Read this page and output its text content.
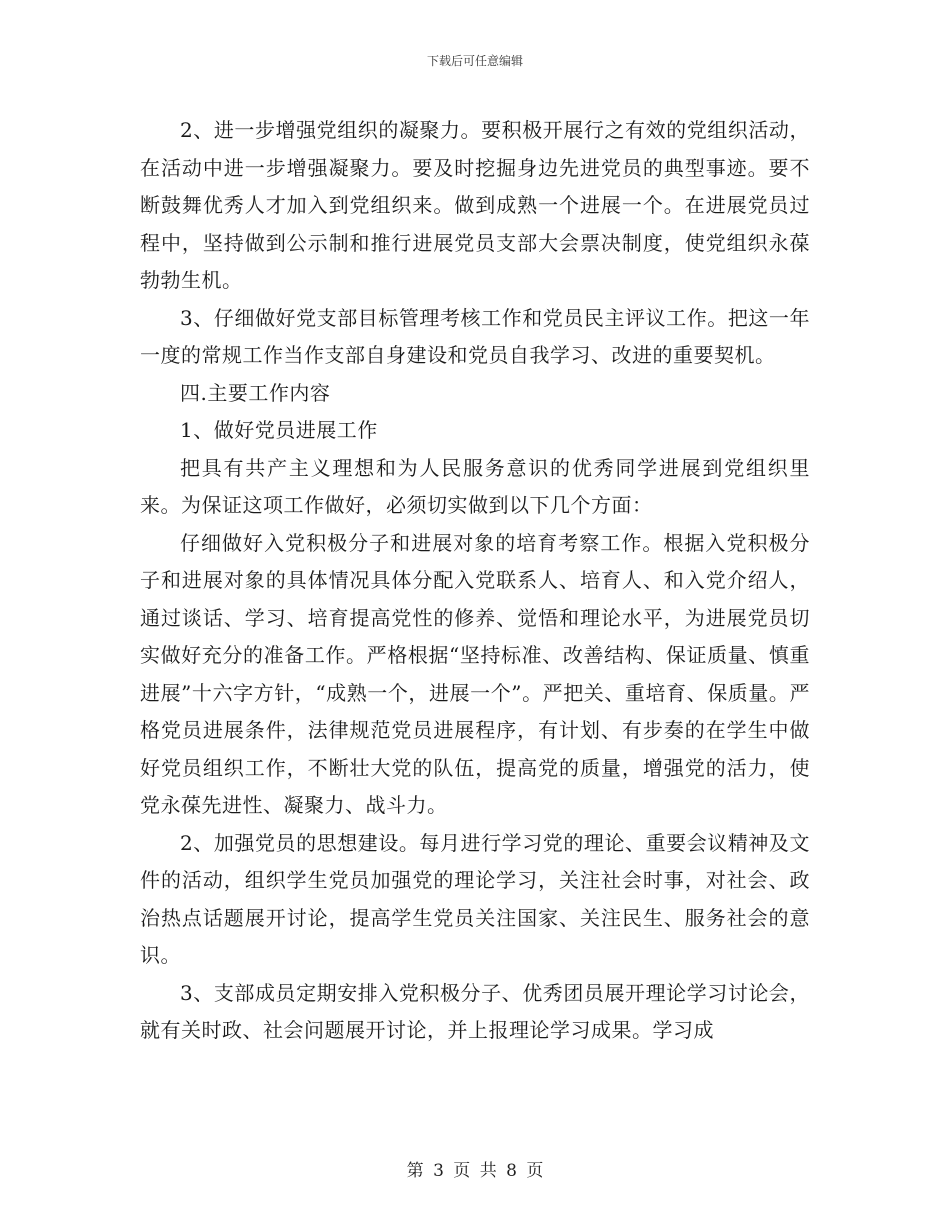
下载后可任意编辑

2、进一步增强党组织的凝聚力。要积极开展行之有效的党组织活动，在活动中进一步增强凝聚力。要及时挖掘身边先进党员的典型事迹。要不断鼓舞优秀人才加入到党组织来。做到成熟一个进展一个。在进展党员过程中，坚持做到公示制和推行进展党员支部大会票决制度，使党组织永葆勃勃生机。

3、仔细做好党支部目标管理考核工作和党员民主评议工作。把这一年一度的常规工作当作支部自身建设和党员自我学习、改进的重要契机。

四.主要工作内容

1、做好党员进展工作

把具有共产主义理想和为人民服务意识的优秀同学进展到党组织里来。为保证这项工作做好，必须切实做到以下几个方面：

仔细做好入党积极分子和进展对象的培育考察工作。根据入党积极分子和进展对象的具体情况具体分配入党联系人、培育人、和入党介绍人，通过谈话、学习、培育提高党性的修养、觉悟和理论水平，为进展党员切实做好充分的准备工作。严格根据“坚持标准、改善结构、保证质量、慎重进展”十六字方针，“成熟一个，进展一个”。严把关、重培育、保质量。严格党员进展条件，法律规范党员进展程序，有计划、有步奏的在学生中做好党员组织工作，不断壮大党的队伍，提高党的质量，增强党的活力，使党永葆先进性、凝聚力、战斗力。

2、加强党员的思想建设。每月进行学习党的理论、重要会议精神及文件的活动，组织学生党员加强党的理论学习，关注社会时事，对社会、政治热点话题展开讨论，提高学生党员关注国家、关注民生、服务社会的意识。

3、支部成员定期安排入党积极分子、优秀团员展开理论学习讨论会，就有关时政、社会问题展开讨论，并上报理论学习成果。学习成

第 3 页 共 8 页
